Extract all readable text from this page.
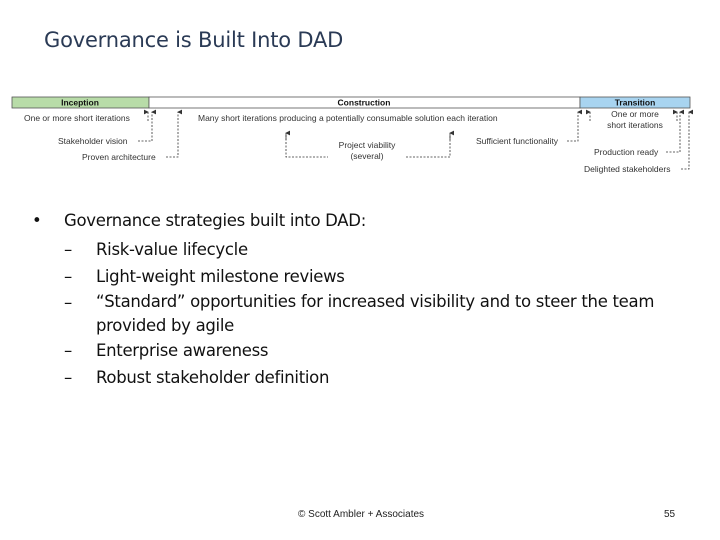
Governance is Built Into DAD
Inception	Construction	Transition
One or more short iterations
Stakeholder vision
Proven architecture
Many short iterations producing a potentially consumable solution each iteration
Project viability
(several)
Sufficient functionality
One or more
short iterations
Production ready
Delighted stakeholders
• Governance strategies built into DAD:
– Risk-value lifecycle
– Light-weight milestone reviews
– “Standard” opportunities for increased visibility and to steer the team provided by agile
– Enterprise awareness
– Robust stakeholder definition
© Scott Ambler + Associates	55
